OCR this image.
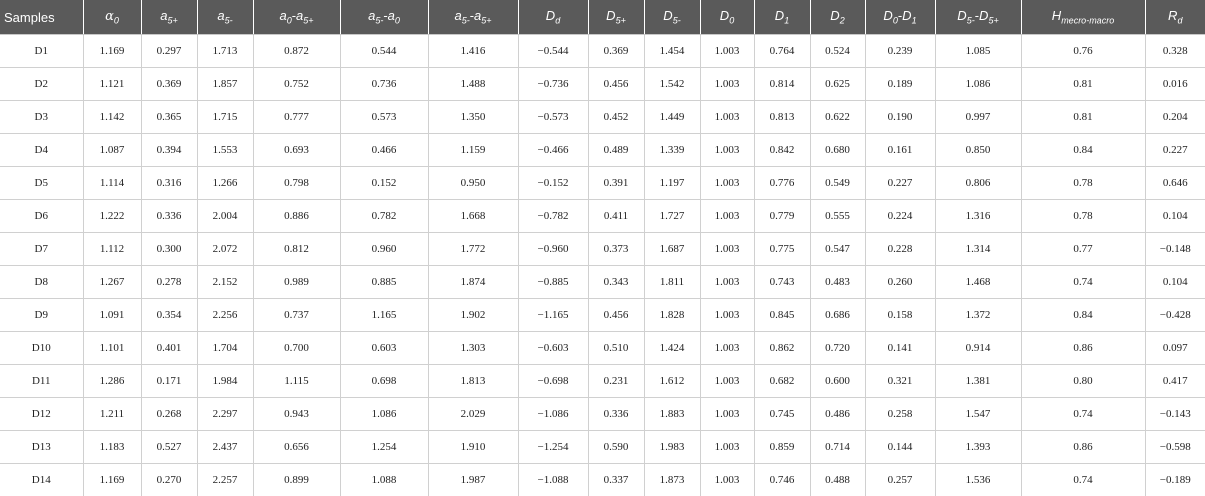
Samples	$\alpha_0$	$a_{5+}$	$a_{5-}$	$a_0-a_{5+}$	$a_{5-}-a_0$	$a_{5-}-a_{5+}$	$D_d$	$D_{5+}$	$D_{5-}$	$D_0$	$D_1$	$D_2$	$D_0-D_1$	$D_{5-}-D_{5+}$	$H_{mecro-macro}$	$R_d$
D1	1.169	0.297	1.713	0.872	0.544	1.416	−0.544	0.369	1.454	1.003	0.764	0.524	0.239	1.085	0.76	0.328
D2	1.121	0.369	1.857	0.752	0.736	1.488	−0.736	0.456	1.542	1.003	0.814	0.625	0.189	1.086	0.81	0.016
D3	1.142	0.365	1.715	0.777	0.573	1.350	−0.573	0.452	1.449	1.003	0.813	0.622	0.190	0.997	0.81	0.204
D4	1.087	0.394	1.553	0.693	0.466	1.159	−0.466	0.489	1.339	1.003	0.842	0.680	0.161	0.850	0.84	0.227
D5	1.114	0.316	1.266	0.798	0.152	0.950	−0.152	0.391	1.197	1.003	0.776	0.549	0.227	0.806	0.78	0.646
D6	1.222	0.336	2.004	0.886	0.782	1.668	−0.782	0.411	1.727	1.003	0.779	0.555	0.224	1.316	0.78	0.104
D7	1.112	0.300	2.072	0.812	0.960	1.772	−0.960	0.373	1.687	1.003	0.775	0.547	0.228	1.314	0.77	−0.148
D8	1.267	0.278	2.152	0.989	0.885	1.874	−0.885	0.343	1.811	1.003	0.743	0.483	0.260	1.468	0.74	0.104
D9	1.091	0.354	2.256	0.737	1.165	1.902	−1.165	0.456	1.828	1.003	0.845	0.686	0.158	1.372	0.84	−0.428
D10	1.101	0.401	1.704	0.700	0.603	1.303	−0.603	0.510	1.424	1.003	0.862	0.720	0.141	0.914	0.86	0.097
D11	1.286	0.171	1.984	1.115	0.698	1.813	−0.698	0.231	1.612	1.003	0.682	0.600	0.321	1.381	0.80	0.417
D12	1.211	0.268	2.297	0.943	1.086	2.029	−1.086	0.336	1.883	1.003	0.745	0.486	0.258	1.547	0.74	−0.143
D13	1.183	0.527	2.437	0.656	1.254	1.910	−1.254	0.590	1.983	1.003	0.859	0.714	0.144	1.393	0.86	−0.598
D14	1.169	0.270	2.257	0.899	1.088	1.987	−1.088	0.337	1.873	1.003	0.746	0.488	0.257	1.536	0.74	−0.189
